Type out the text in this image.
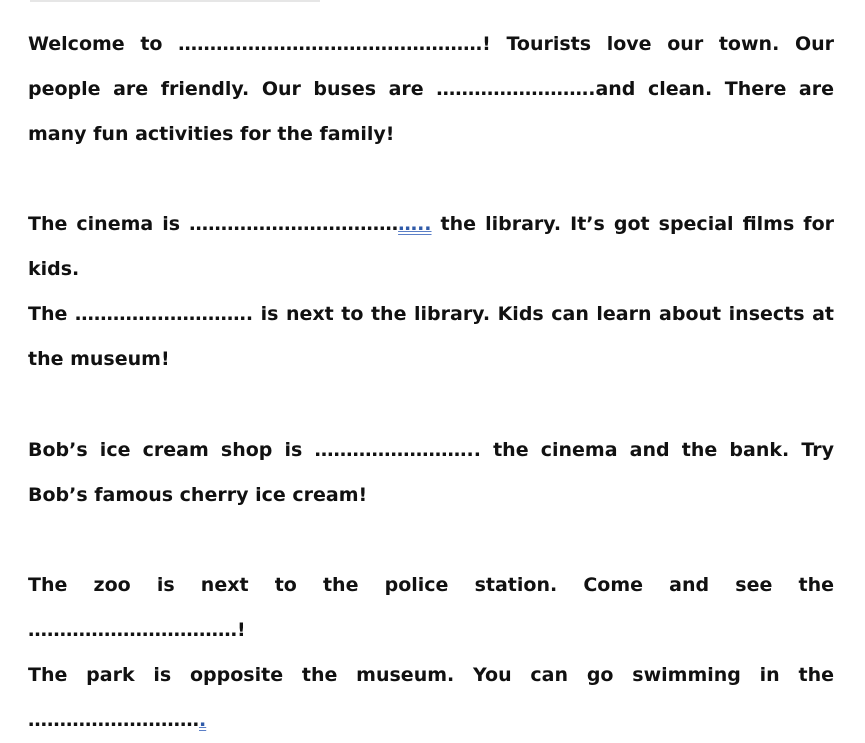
Welcome to …………………………………………! Tourists love our town. Our people are friendly. Our buses are …………………….and clean. There are many fun activities for the family!

The cinema is ……………………………….. the library. It’s got special films for kids.

The ………………………. is next to the library. Kids can learn about insects at the museum!

Bob’s ice cream shop is …………………….. the cinema and the bank. Try Bob’s famous cherry ice cream!

The zoo is next to the police station. Come and see the ……………………………!

The park is opposite the museum. You can go swimming in the ……………………….
